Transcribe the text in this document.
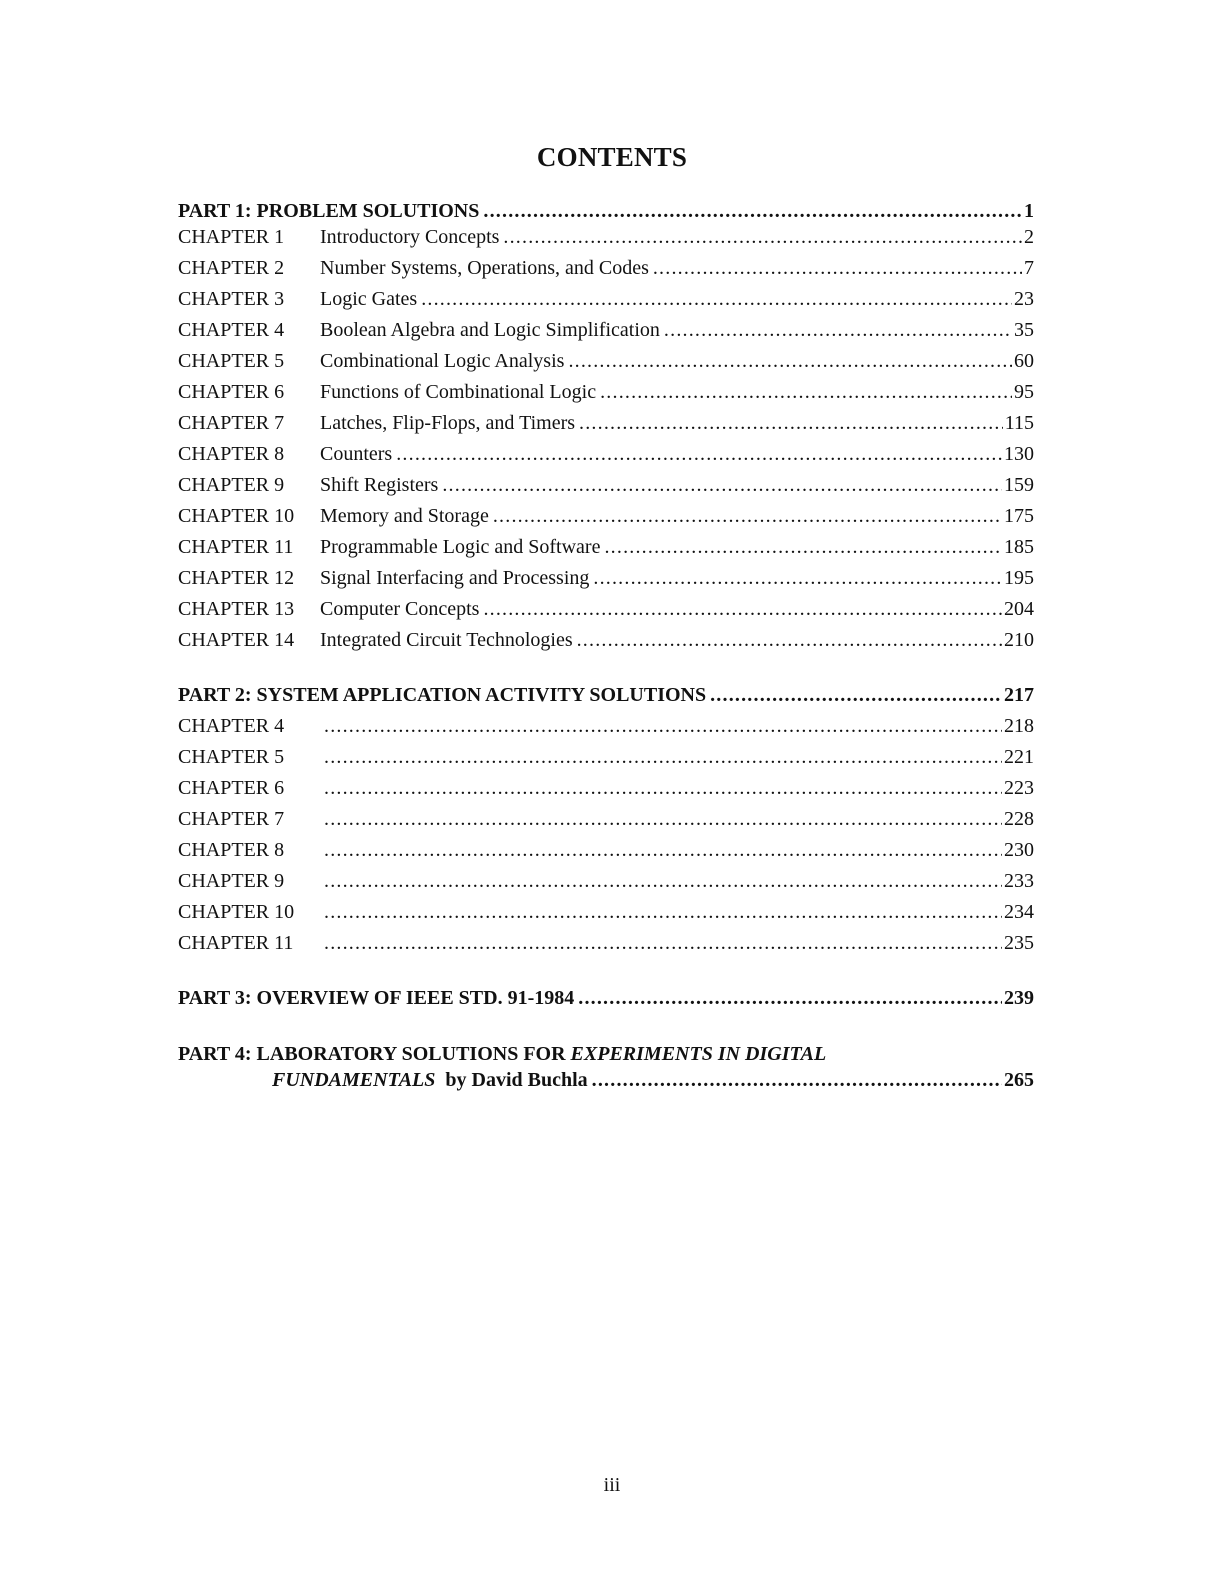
CONTENTS
PART 1: PROBLEM SOLUTIONS .....	1
CHAPTER 1	Introductory Concepts .....	2
CHAPTER 2	Number Systems, Operations, and Codes .....	7
CHAPTER 3	Logic Gates .....	23
CHAPTER 4	Boolean Algebra and Logic Simplification .....	35
CHAPTER 5	Combinational Logic Analysis .....	60
CHAPTER 6	Functions of Combinational Logic .....	95
CHAPTER 7	Latches, Flip-Flops, and Timers .....	115
CHAPTER 8	Counters .....	130
CHAPTER 9	Shift Registers .....	159
CHAPTER 10	Memory and Storage .....	175
CHAPTER 11	Programmable Logic and Software .....	185
CHAPTER 12	Signal Interfacing and Processing .....	195
CHAPTER 13	Computer Concepts .....	204
CHAPTER 14	Integrated Circuit Technologies .....	210
PART 2: SYSTEM APPLICATION ACTIVITY SOLUTIONS .....	217
CHAPTER 4 .....	218
CHAPTER 5 .....	221
CHAPTER 6 .....	223
CHAPTER 7 .....	228
CHAPTER 8 .....	230
CHAPTER 9 .....	233
CHAPTER 10 .....	234
CHAPTER 11 .....	235
PART 3: OVERVIEW OF IEEE STD. 91-1984 .....	239
PART 4: LABORATORY SOLUTIONS FOR EXPERIMENTS IN DIGITAL
FUNDAMENTALS by David Buchla .....	265
iii
